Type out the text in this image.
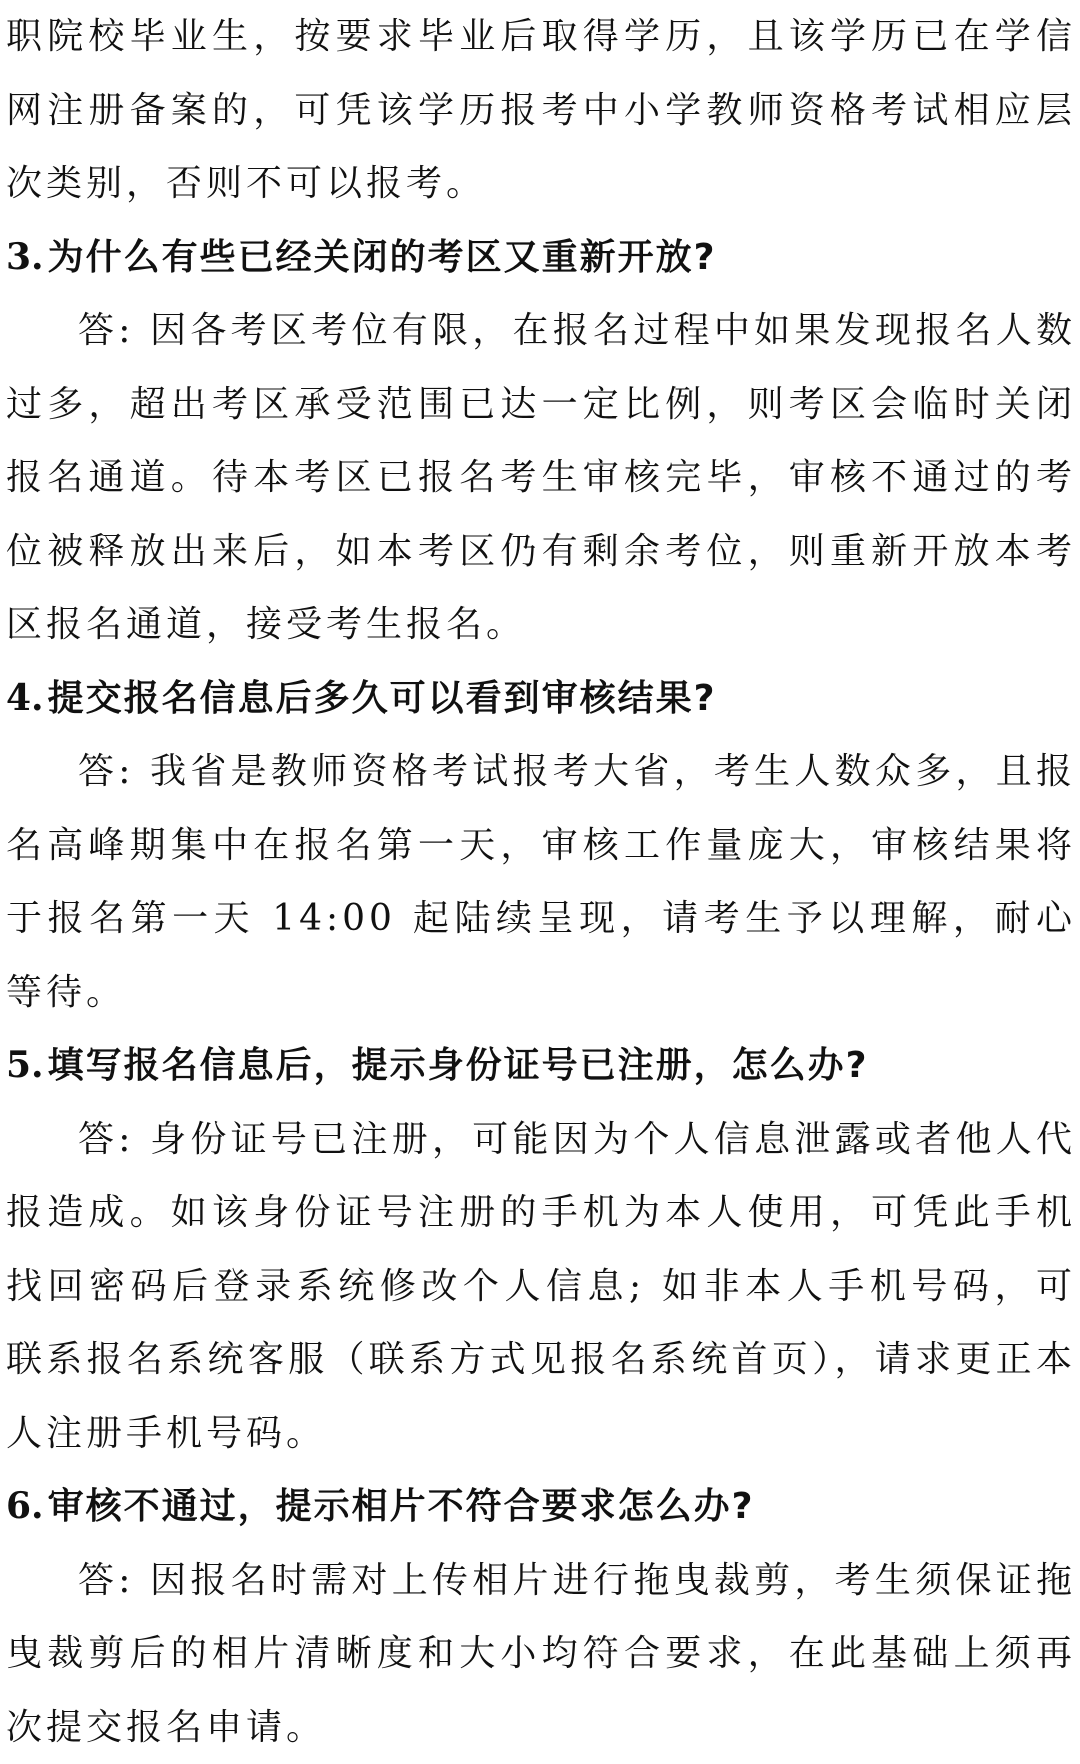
职院校毕业生，按要求毕业后取得学历，且该学历已在学信网注册备案的，可凭该学历报考中小学教师资格考试相应层次类别，否则不可以报考。

3. 为什么有些已经关闭的考区又重新开放?

答: 因各考区考位有限，在报名过程中如果发现报名人数过多，超出考区承受范围已达一定比例，则考区会临时关闭报名通道。待本考区已报名考生审核完毕，审核不通过的考位被释放出来后，如本考区仍有剩余考位，则重新开放本考区报名通道，接受考生报名。

4. 提交报名信息后多久可以看到审核结果?

答: 我省是教师资格考试报考大省，考生人数众多，且报名高峰期集中在报名第一天，审核工作量庞大，审核结果将于报名第一天 14:00 起陆续呈现，请考生予以理解，耐心等待。

5. 填写报名信息后，提示身份证号已注册，怎么办?

答: 身份证号已注册，可能因为个人信息泄露或者他人代报造成。如该身份证号注册的手机为本人使用，可凭此手机找回密码后登录系统修改个人信息; 如非本人手机号码，可联系报名系统客服（联系方式见报名系统首页），请求更正本人注册手机号码。

6. 审核不通过，提示相片不符合要求怎么办?

答: 因报名时需对上传相片进行拖曳裁剪，考生须保证拖曳裁剪后的相片清晰度和大小均符合要求，在此基础上须再次提交报名申请。
